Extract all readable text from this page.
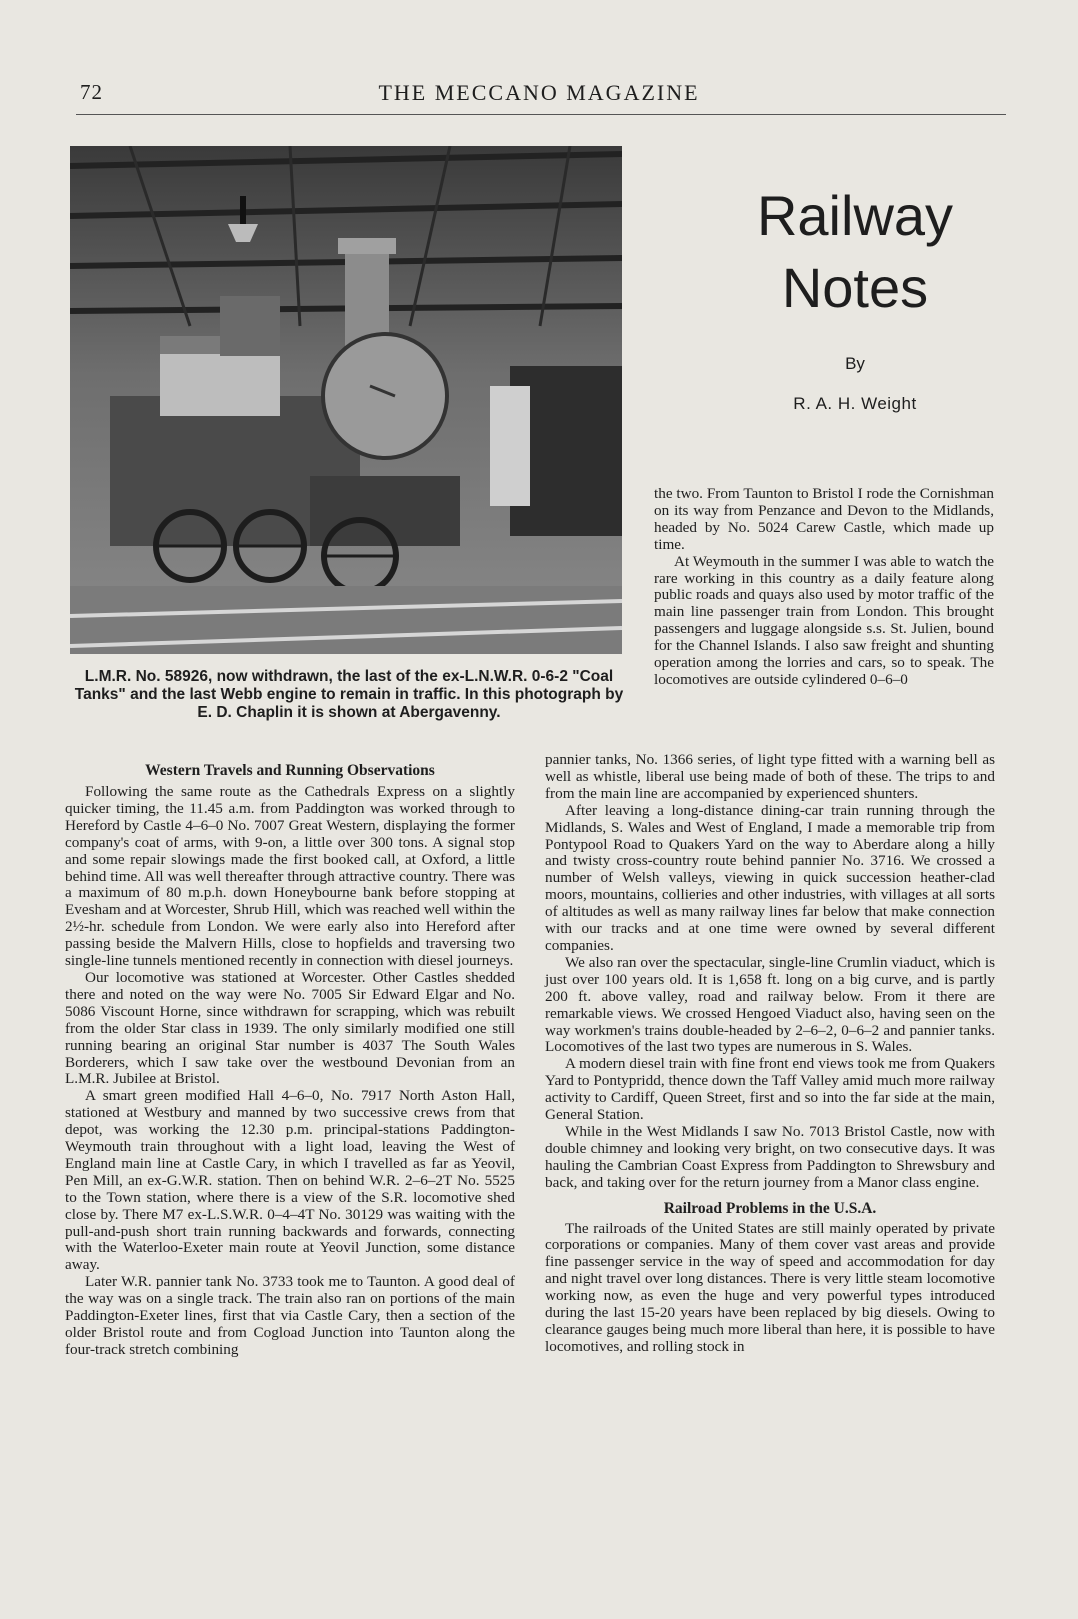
72	THE MECCANO MAGAZINE
L.M.R. No. 58926, now withdrawn, the last of the ex-L.N.W.R. 0-6-2 "Coal Tanks" and the last Webb engine to remain in traffic. In this photograph by E. D. Chaplin it is shown at Abergavenny.
Railway
Notes
By
R. A. H. Weight

the two. From Taunton to Bristol I rode the Cornishman on its way from Penzance and Devon to the Midlands, headed by No. 5024 Carew Castle, which made up time.

At Weymouth in the summer I was able to watch the rare working in this country as a daily feature along public roads and quays also used by motor traffic of the main line passenger train from London. This brought passengers and luggage alongside s.s. St. Julien, bound for the Channel Islands. I also saw freight and shunting operation among the lorries and cars, so to speak. The locomotives are outside cylindered 0–6–0

Western Travels and Running Observations

Following the same route as the Cathedrals Express on a slightly quicker timing, the 11.45 a.m. from Paddington was worked through to Hereford by Castle 4–6–0 No. 7007 Great Western, displaying the former company's coat of arms, with 9-on, a little over 300 tons. A signal stop and some repair slowings made the first booked call, at Oxford, a little behind time. All was well thereafter through attractive country. There was a maximum of 80 m.p.h. down Honeybourne bank before stopping at Evesham and at Worcester, Shrub Hill, which was reached well within the 2½-hr. schedule from London. We were early also into Hereford after passing beside the Malvern Hills, close to hopfields and traversing two single-line tunnels mentioned recently in connection with diesel journeys.

Our locomotive was stationed at Worcester. Other Castles shedded there and noted on the way were No. 7005 Sir Edward Elgar and No. 5086 Viscount Horne, since withdrawn for scrapping, which was rebuilt from the older Star class in 1939. The only similarly modified one still running bearing an original Star number is 4037 The South Wales Borderers, which I saw take over the westbound Devonian from an L.M.R. Jubilee at Bristol.

A smart green modified Hall 4–6–0, No. 7917 North Aston Hall, stationed at Westbury and manned by two successive crews from that depot, was working the 12.30 p.m. principal-stations Paddington-Weymouth train throughout with a light load, leaving the West of England main line at Castle Cary, in which I travelled as far as Yeovil, Pen Mill, an ex-G.W.R. station. Then on behind W.R. 2–6–2T No. 5525 to the Town station, where there is a view of the S.R. locomotive shed close by. There M7 ex-L.S.W.R. 0–4–4T No. 30129 was waiting with the pull-and-push short train running backwards and forwards, connecting with the Waterloo-Exeter main route at Yeovil Junction, some distance away.

Later W.R. pannier tank No. 3733 took me to Taunton. A good deal of the way was on a single track. The train also ran on portions of the main Paddington-Exeter lines, first that via Castle Cary, then a section of the older Bristol route and from Cogload Junction into Taunton along the four-track stretch combining

pannier tanks, No. 1366 series, of light type fitted with a warning bell as well as whistle, liberal use being made of both of these. The trips to and from the main line are accompanied by experienced shunters.

After leaving a long-distance dining-car train running through the Midlands, S. Wales and West of England, I made a memorable trip from Pontypool Road to Quakers Yard on the way to Aberdare along a hilly and twisty cross-country route behind pannier No. 3716. We crossed a number of Welsh valleys, viewing in quick succession heather-clad moors, mountains, collieries and other industries, with villages at all sorts of altitudes as well as many railway lines far below that make connection with our tracks and at one time were owned by several different companies.

We also ran over the spectacular, single-line Crumlin viaduct, which is just over 100 years old. It is 1,658 ft. long on a big curve, and is partly 200 ft. above valley, road and railway below. From it there are remarkable views. We crossed Hengoed Viaduct also, having seen on the way workmen's trains double-headed by 2–6–2, 0–6–2 and pannier tanks. Locomotives of the last two types are numerous in S. Wales.

A modern diesel train with fine front end views took me from Quakers Yard to Pontypridd, thence down the Taff Valley amid much more railway activity to Cardiff, Queen Street, first and so into the far side at the main, General Station.

While in the West Midlands I saw No. 7013 Bristol Castle, now with double chimney and looking very bright, on two consecutive days. It was hauling the Cambrian Coast Express from Paddington to Shrewsbury and back, and taking over for the return journey from a Manor class engine.

Railroad Problems in the U.S.A.

The railroads of the United States are still mainly operated by private corporations or companies. Many of them cover vast areas and provide fine passenger service in the way of speed and accommodation for day and night travel over long distances. There is very little steam locomotive working now, as even the huge and very powerful types introduced during the last 15-20 years have been replaced by big diesels. Owing to clearance gauges being much more liberal than here, it is possible to have locomotives, and rolling stock in
